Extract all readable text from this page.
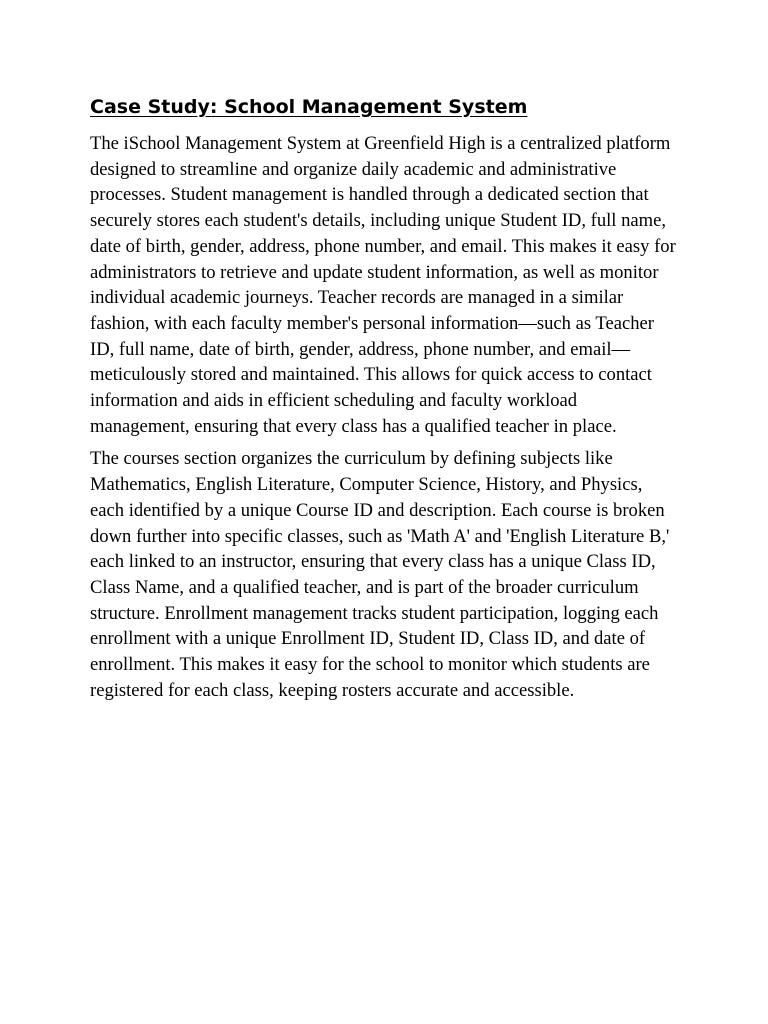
Case Study: School Management System

The iSchool Management System at Greenfield High is a centralized platform designed to streamline and organize daily academic and administrative processes. Student management is handled through a dedicated section that securely stores each student's details, including unique Student ID, full name, date of birth, gender, address, phone number, and email. This makes it easy for administrators to retrieve and update student information, as well as monitor individual academic journeys. Teacher records are managed in a similar fashion, with each faculty member's personal information—such as Teacher ID, full name, date of birth, gender, address, phone number, and email—meticulously stored and maintained. This allows for quick access to contact information and aids in efficient scheduling and faculty workload management, ensuring that every class has a qualified teacher in place.

The courses section organizes the curriculum by defining subjects like Mathematics, English Literature, Computer Science, History, and Physics, each identified by a unique Course ID and description. Each course is broken down further into specific classes, such as 'Math A' and 'English Literature B,' each linked to an instructor, ensuring that every class has a unique Class ID, Class Name, and a qualified teacher, and is part of the broader curriculum structure. Enrollment management tracks student participation, logging each enrollment with a unique Enrollment ID, Student ID, Class ID, and date of enrollment. This makes it easy for the school to monitor which students are registered for each class, keeping rosters accurate and accessible.
